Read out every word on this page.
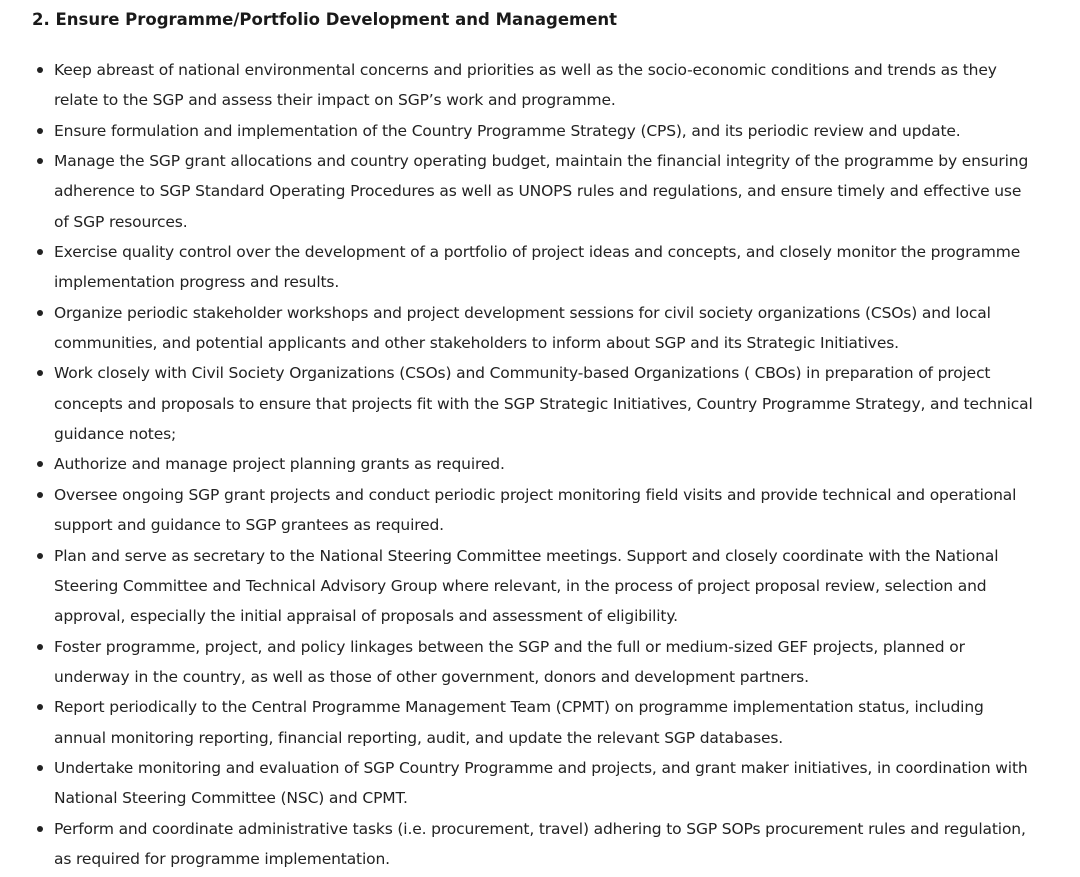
2. Ensure Programme/Portfolio Development and Management
Keep abreast of national environmental concerns and priorities as well as the socio-economic conditions and trends as they relate to the SGP and assess their impact on SGP’s work and programme.
Ensure formulation and implementation of the Country Programme Strategy (CPS), and its periodic review and update.
Manage the SGP grant allocations and country operating budget, maintain the financial integrity of the programme by ensuring adherence to SGP Standard Operating Procedures as well as UNOPS rules and regulations, and ensure timely and effective use of SGP resources.
Exercise quality control over the development of a portfolio of project ideas and concepts, and closely monitor the programme implementation progress and results.
Organize periodic stakeholder workshops and project development sessions for civil society organizations (CSOs) and local communities, and potential applicants and other stakeholders to inform about SGP and its Strategic Initiatives.
Work closely with Civil Society Organizations (CSOs) and Community-based Organizations ( CBOs) in preparation of project concepts and proposals to ensure that projects fit with the SGP Strategic Initiatives, Country Programme Strategy, and technical guidance notes;
Authorize and manage project planning grants as required.
Oversee ongoing SGP grant projects and conduct periodic project monitoring field visits and provide technical and operational support and guidance to SGP grantees as required.
Plan and serve as secretary to the National Steering Committee meetings. Support and closely coordinate with the National Steering Committee and Technical Advisory Group where relevant, in the process of project proposal review, selection and approval, especially the initial appraisal of proposals and assessment of eligibility.
Foster programme, project, and policy linkages between the SGP and the full or medium-sized GEF projects, planned or underway in the country, as well as those of other government, donors and development partners.
Report periodically to the Central Programme Management Team (CPMT) on programme implementation status, including annual monitoring reporting, financial reporting, audit, and update the relevant SGP databases.
Undertake monitoring and evaluation of SGP Country Programme and projects, and grant maker initiatives, in coordination with National Steering Committee (NSC) and CPMT.
Perform and coordinate administrative tasks (i.e. procurement, travel) adhering to SGP SOPs procurement rules and regulation, as required for programme implementation.
